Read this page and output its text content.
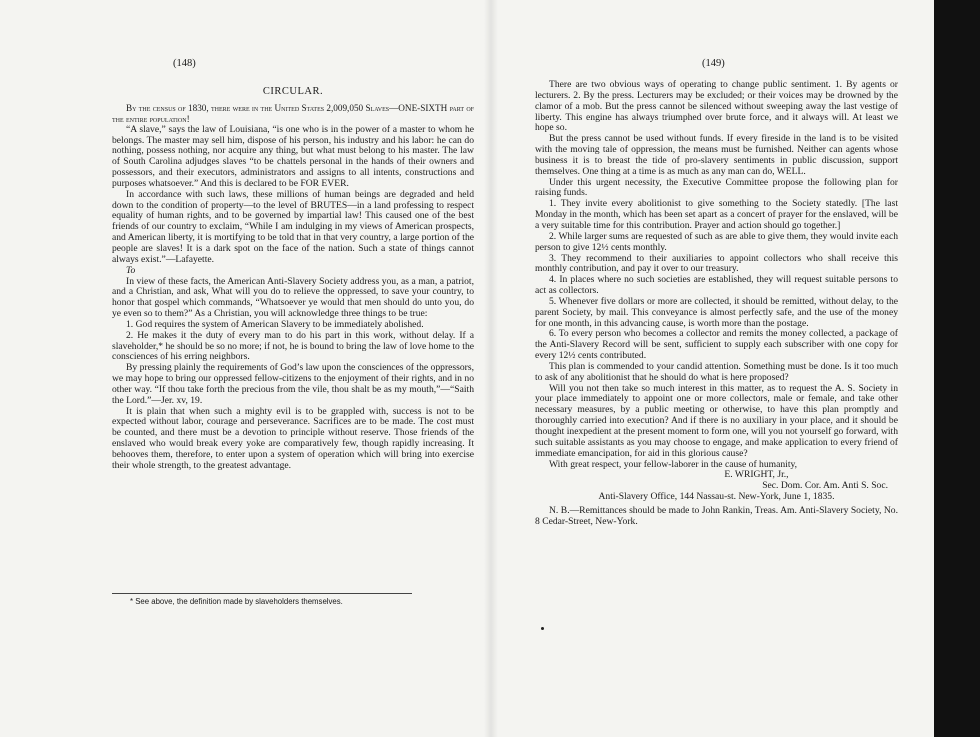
(148)	(149)
CIRCULAR.

By the census of 1830, there were in the United States 2,009,050 Slaves—ONE-SIXTH part of the entire population!

“A slave,” says the law of Louisiana, “is one who is in the power of a master to whom he belongs. The master may sell him, dispose of his person, his industry and his labor: he can do nothing, possess nothing, nor acquire any thing, but what must belong to his master. The law of South Carolina adjudges slaves “to be chattels personal in the hands of their owners and possessors, and their executors, administrators and assigns to all intents, constructions and purposes whatsoever.” And this is declared to be FOR EVER.

In accordance with such laws, these millions of human beings are degraded and held down to the condition of property—to the level of BRUTES—in a land professing to respect equality of human rights, and to be governed by impartial law! This caused one of the best friends of our country to exclaim, “While I am indulging in my views of American prospects, and American liberty, it is mortifying to be told that in that very country, a large portion of the people are slaves! It is a dark spot on the face of the nation. Such a state of things cannot always exist.”—Lafayette.

To

In view of these facts, the American Anti-Slavery Society address you, as a man, a patriot, and a Christian, and ask, What will you do to relieve the oppressed, to save your country, to honor that gospel which commands, “Whatsoever ye would that men should do unto you, do ye even so to them?” As a Christian, you will acknowledge three things to be true:

1. God requires the system of American Slavery to be immediately abolished.

2. He makes it the duty of every man to do his part in this work, without delay. If a slaveholder,* he should be so no more; if not, he is bound to bring the law of love home to the consciences of his erring neighbors.

By pressing plainly the requirements of God’s law upon the consciences of the oppressors, we may hope to bring our oppressed fellow-citizens to the enjoyment of their rights, and in no other way. “If thou take forth the precious from the vile, thou shalt be as my mouth,”—“Saith the Lord.”—Jer. xv, 19.

It is plain that when such a mighty evil is to be grappled with, success is not to be expected without labor, courage and perseverance. Sacrifices are to be made. The cost must be counted, and there must be a devotion to principle without reserve. Those friends of the enslaved who would break every yoke are comparatively few, though rapidly increasing. It behooves them, therefore, to enter upon a system of operation which will bring into exercise their whole strength, to the greatest advantage.

* See above, the definition made by slaveholders themselves.

There are two obvious ways of operating to change public sentiment. 1. By agents or lecturers. 2. By the press. Lecturers may be excluded; or their voices may be drowned by the clamor of a mob. But the press cannot be silenced without sweeping away the last vestige of liberty. This engine has always triumphed over brute force, and it always will. At least we hope so.

But the press cannot be used without funds. If every fireside in the land is to be visited with the moving tale of oppression, the means must be furnished. Neither can agents whose business it is to breast the tide of pro-slavery sentiments in public discussion, support themselves. One thing at a time is as much as any man can do, WELL.

Under this urgent necessity, the Executive Committee propose the following plan for raising funds.

1. They invite every abolitionist to give something to the Society statedly. [The last Monday in the month, which has been set apart as a concert of prayer for the enslaved, will be a very suitable time for this contribution. Prayer and action should go together.]

2. While larger sums are requested of such as are able to give them, they would invite each person to give 12½ cents monthly.

3. They recommend to their auxiliaries to appoint collectors who shall receive this monthly contribution, and pay it over to our treasury.

4. In places where no such societies are established, they will request suitable persons to act as collectors.

5. Whenever five dollars or more are collected, it should be remitted, without delay, to the parent Society, by mail. This conveyance is almost perfectly safe, and the use of the money for one month, in this advancing cause, is worth more than the postage.

6. To every person who becomes a collector and remits the money collected, a package of the Anti-Slavery Record will be sent, sufficient to supply each subscriber with one copy for every 12½ cents contributed.

This plan is commended to your candid attention. Something must be done. Is it too much to ask of any abolitionist that he should do what is here proposed?

Will you not then take so much interest in this matter, as to request the A. S. Society in your place immediately to appoint one or more collectors, male or female, and take other necessary measures, by a public meeting or otherwise, to have this plan promptly and thoroughly carried into execution? And if there is no auxiliary in your place, and it should be thought inexpedient at the present moment to form one, will you not yourself go forward, with such suitable assistants as you may choose to engage, and make application to every friend of immediate emancipation, for aid in this glorious cause?

With great respect, your fellow-laborer in the cause of humanity,

E. WRIGHT, Jr.,

Sec. Dom. Cor. Am. Anti S. Soc.

Anti-Slavery Office, 144 Nassau-st. New-York, June 1, 1835.

N. B.—Remittances should be made to John Rankin, Treas. Am. Anti-Slavery Society, No. 8 Cedar-Street, New-York.
